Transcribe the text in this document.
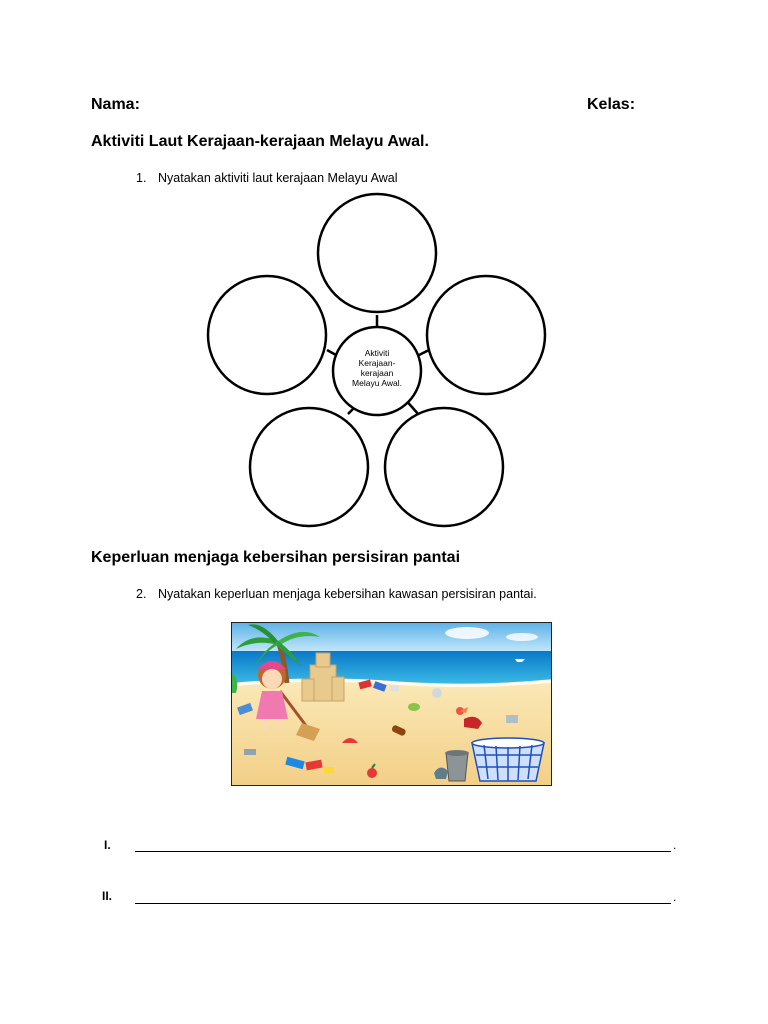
Nama:	Kelas:
Aktiviti Laut Kerajaan-kerajaan Melayu Awal.
1. Nyatakan aktiviti laut kerajaan Melayu Awal
Aktiviti
Kerajaan-
kerajaan
Melayu Awal.
Keperluan menjaga kebersihan persisiran pantai
2. Nyatakan keperluan menjaga kebersihan kawasan persisiran pantai.
I.	.
II.	.
